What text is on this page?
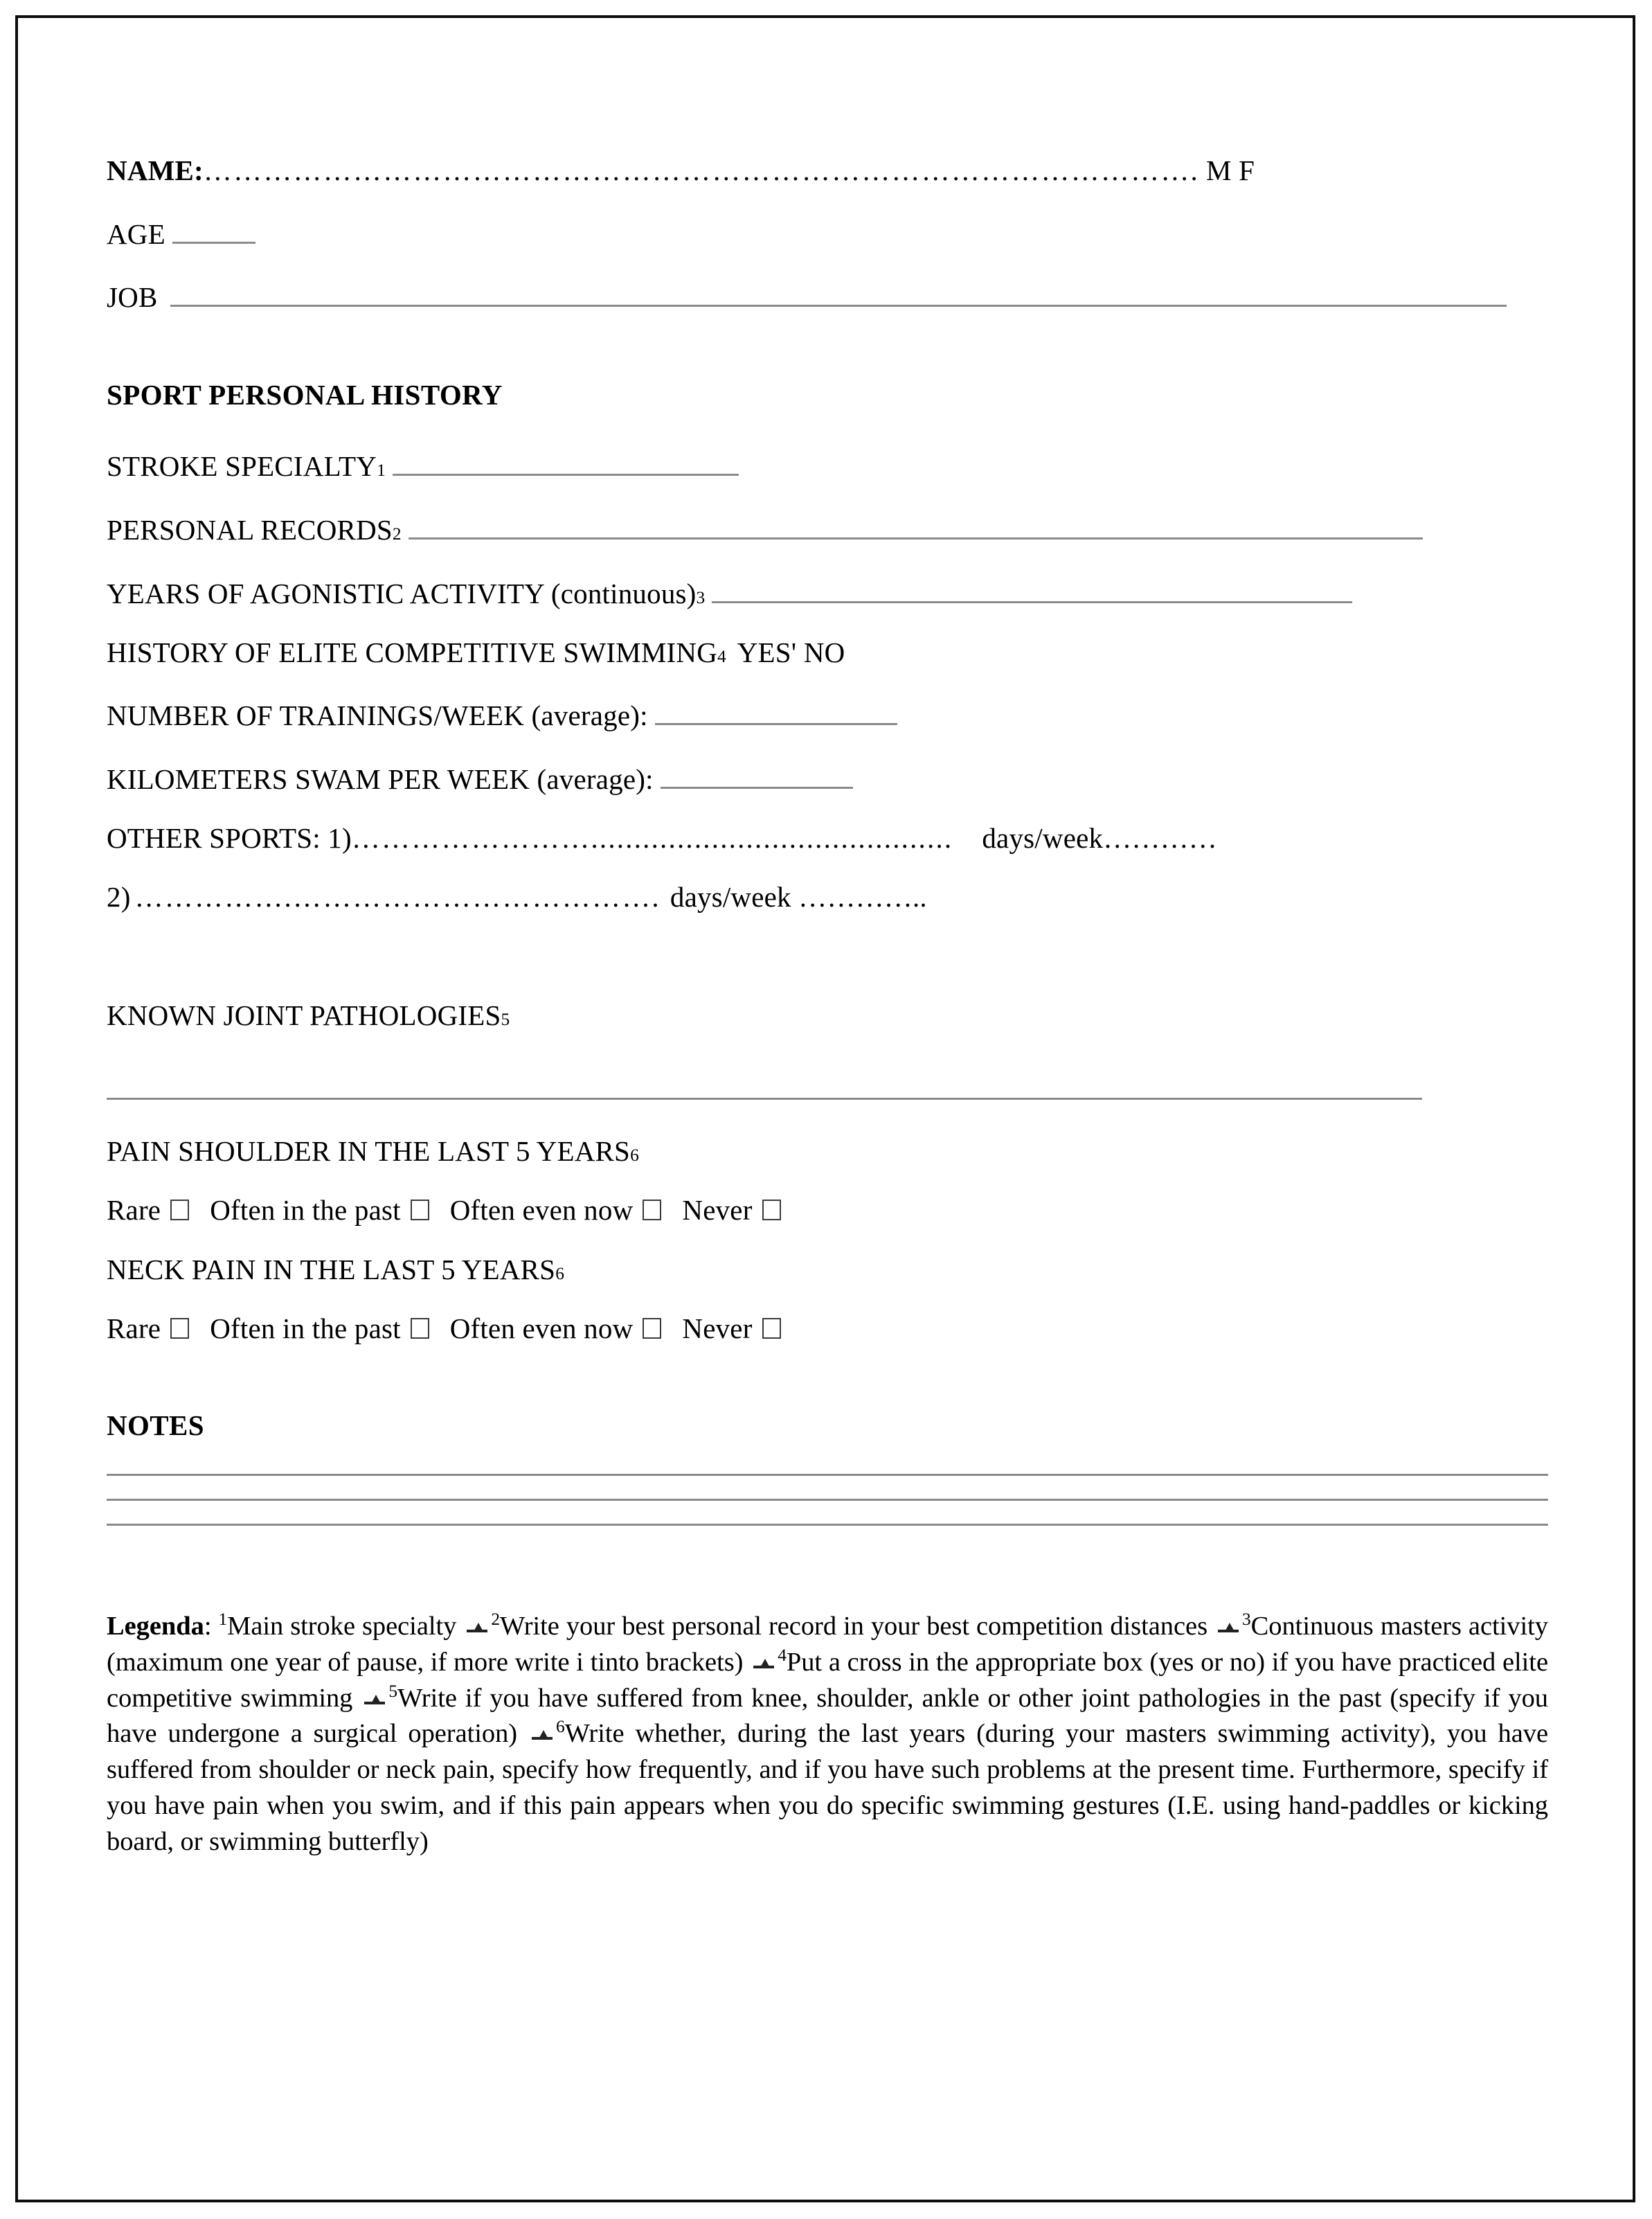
NAME: ………………………………………………………………………………………. M F
AGE
JOB
SPORT PERSONAL HISTORY
STROKE SPECIALTY 1
PERSONAL RECORDS 2
YEARS OF AGONISTIC ACTIVITY (continuous) 3
HISTORY OF ELITE COMPETITIVE SWIMMING 4 YES' NO
NUMBER OF TRAININGS/WEEK (average):
KILOMETERS SWAM PER WEEK (average):
OTHER SPORTS: 1) …………………….......................................... days/week…………
2) …………….………………………………. days/week …………..
KNOWN JOINT PATHOLOGIES 5
PAIN SHOULDER IN THE LAST 5 YEARS 6
Rare Often in the past Often even now Never
NECK PAIN IN THE LAST 5 YEARS 6
Rare Often in the past Often even now Never
NOTES
Legenda: $^1$Main stroke specialty $^2$Write your best personal record in your best competition distances $^3$Continuous masters activity (maximum one year of pause, if more write i tinto brackets) $^4$Put a cross in the appropriate box (yes or no) if you have practiced elite competitive swimming $^5$Write if you have suffered from knee, shoulder, ankle or other joint pathologies in the past (specify if you have undergone a surgical operation) $^6$Write whether, during the last years (during your masters swimming activity), you have suffered from shoulder or neck pain, specify how frequently, and if you have such problems at the present time. Furthermore, specify if you have pain when you swim, and if this pain appears when you do specific swimming gestures (I.E. using hand-paddles or kicking board, or swimming butterfly)
